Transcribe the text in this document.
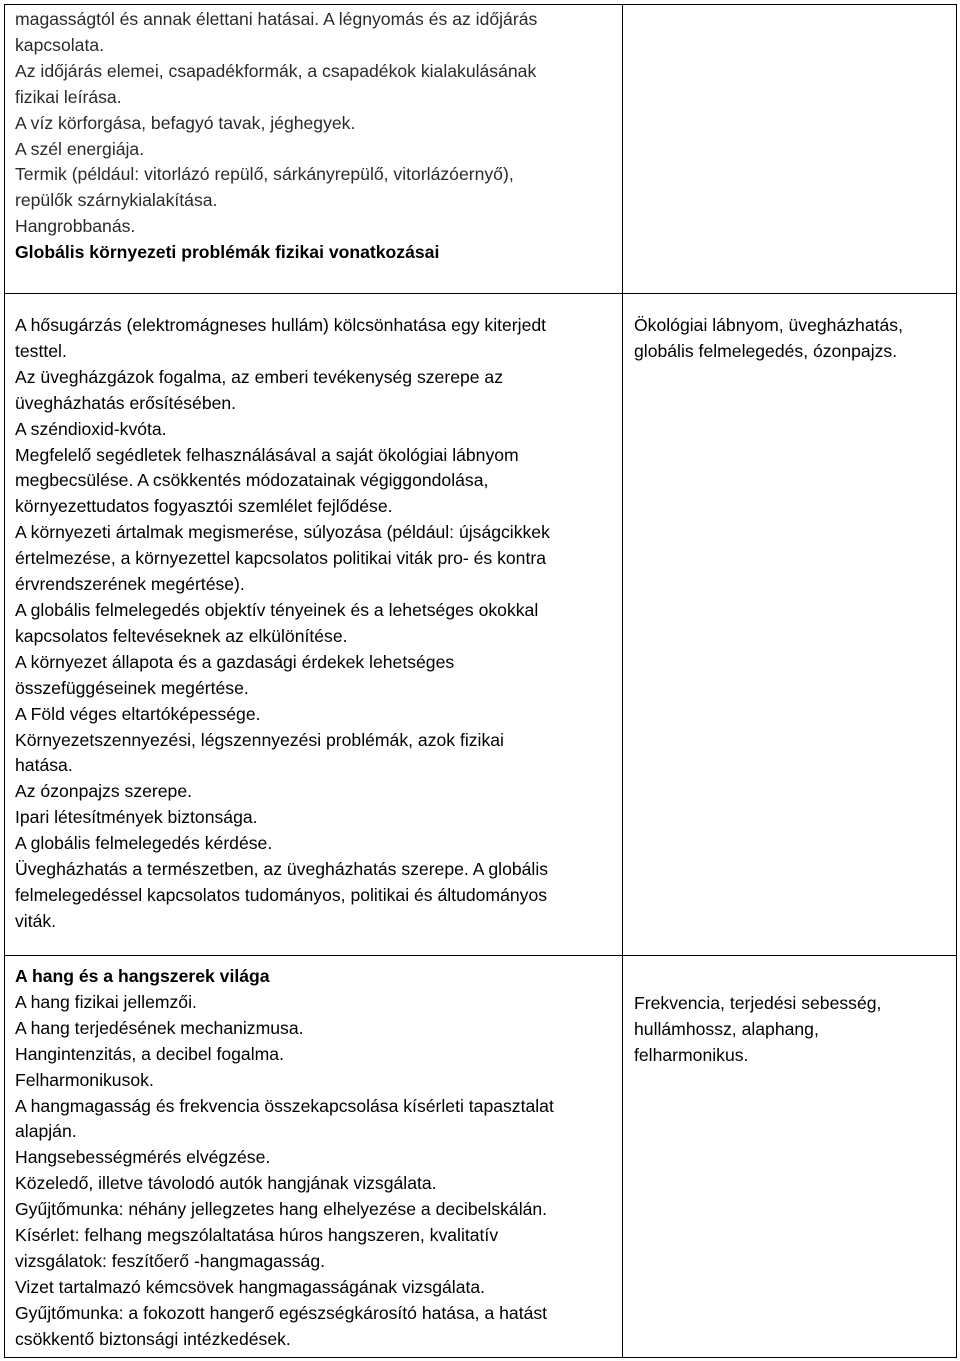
magasságtól és annak élettani hatásai. A légnyomás és az időjárás

kapcsolata.

Az időjárás elemei, csapadékformák, a csapadékok kialakulásának

fizikai leírása.

A víz körforgása, befagyó tavak, jéghegyek.

A szél energiája.

Termik (például: vitorlázó repülő, sárkányrepülő, vitorlázóernyő),

repülők szárnykialakítása.

Hangrobbanás.

Globális környezeti problémák fizikai vonatkozásai

A hősugárzás (elektromágneses hullám) kölcsönhatása egy kiterjedt

testtel.

Az üvegházgázok fogalma, az emberi tevékenység szerepe az

üvegházhatás erősítésében.

A széndioxid-kvóta.

Megfelelő segédletek felhasználásával a saját ökológiai lábnyom

megbecsülése. A csökkentés módozatainak végiggondolása,

környezettudatos fogyasztói szemlélet fejlődése.

A környezeti ártalmak megismerése, súlyozása (például: újságcikkek

értelmezése, a környezettel kapcsolatos politikai viták pro- és kontra

érvrendszerének megértése).

A globális felmelegedés objektív tényeinek és a lehetséges okokkal

kapcsolatos feltevéseknek az elkülönítése.

A környezet állapota és a gazdasági érdekek lehetséges

összefüggéseinek megértése.

A Föld véges eltartóképessége.

Környezetszennyezési, légszennyezési problémák, azok fizikai

hatása.

Az ózonpajzs szerepe.

Ipari létesítmények biztonsága.

A globális felmelegedés kérdése.

Üvegházhatás a természetben, az üvegházhatás szerepe. A globális

felmelegedéssel kapcsolatos tudományos, politikai és áltudományos

viták.

Ökológiai lábnyom, üvegházhatás,

globális felmelegedés, ózonpajzs.

A hang és a hangszerek világa

A hang fizikai jellemzői.

A hang terjedésének mechanizmusa.

Hangintenzitás, a decibel fogalma.

Felharmonikusok.

A hangmagasság és frekvencia összekapcsolása kísérleti tapasztalat

alapján.

Hangsebességmérés elvégzése.

Közeledő, illetve távolodó autók hangjának vizsgálata.

Gyűjtőmunka: néhány jellegzetes hang elhelyezése a decibelskálán.

Kísérlet: felhang megszólaltatása húros hangszeren, kvalitatív

vizsgálatok: feszítőerő -hangmagasság.

Vizet tartalmazó kémcsövek hangmagasságának vizsgálata.

Gyűjtőmunka: a fokozott hangerő egészségkárosító hatása, a hatást

csökkentő biztonsági intézkedések.

Frekvencia, terjedési sebesség,

hullámhossz, alaphang,

felharmonikus.
